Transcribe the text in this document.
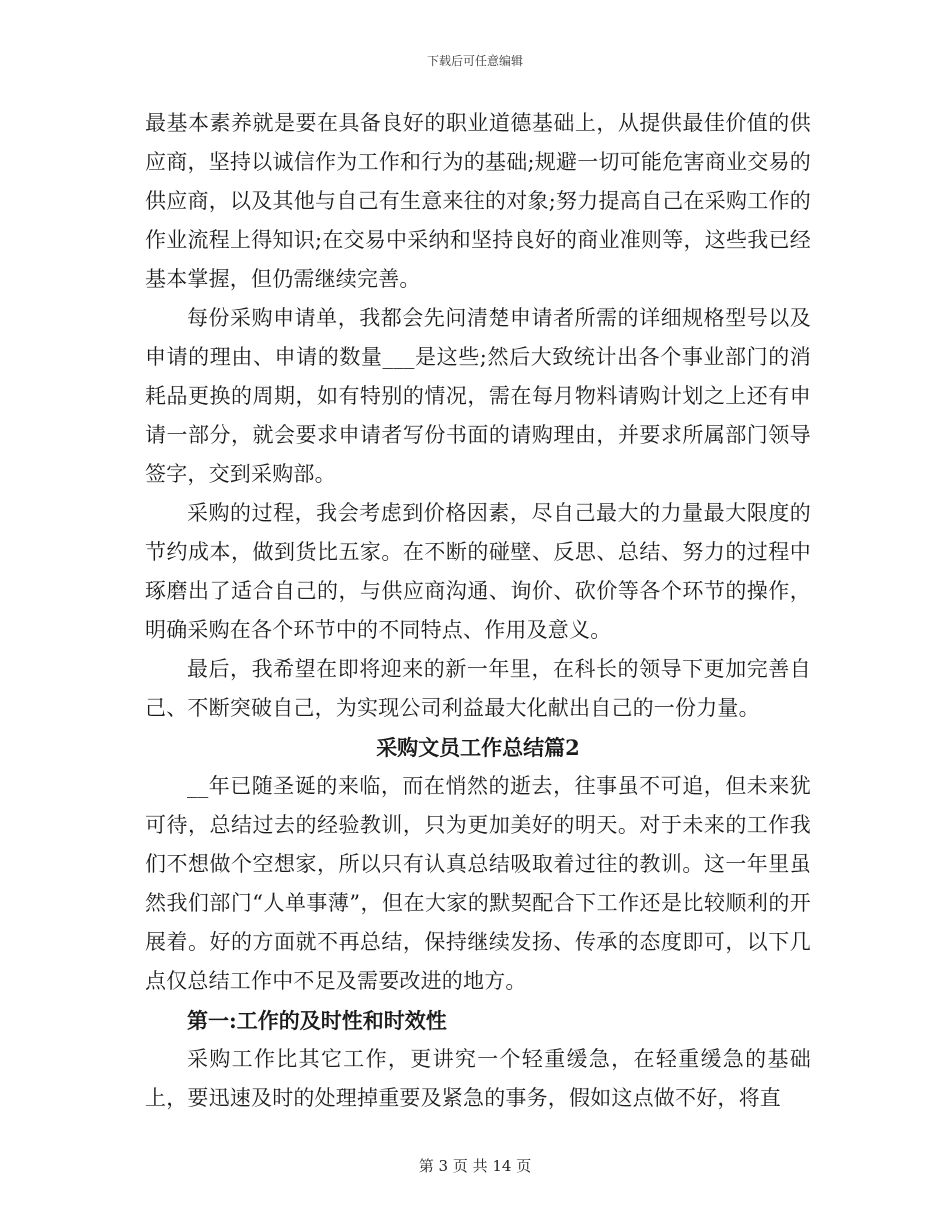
下载后可任意编辑

最基本素养就是要在具备良好的职业道德基础上，从提供最佳价值的供应商，坚持以诚信作为工作和行为的基础;规避一切可能危害商业交易的供应商，以及其他与自己有生意来往的对象;努力提高自己在采购工作的作业流程上得知识;在交易中采纳和坚持良好的商业准则等，这些我已经基本掌握，但仍需继续完善。

每份采购申请单，我都会先问清楚申请者所需的详细规格型号以及申请的理由、申请的数量___是这些;然后大致统计出各个事业部门的消耗品更换的周期，如有特别的情况，需在每月物料请购计划之上还有申请一部分，就会要求申请者写份书面的请购理由，并要求所属部门领导签字，交到采购部。

采购的过程，我会考虑到价格因素，尽自己最大的力量最大限度的节约成本，做到货比五家。在不断的碰壁、反思、总结、努力的过程中琢磨出了适合自己的，与供应商沟通、询价、砍价等各个环节的操作，明确采购在各个环节中的不同特点、作用及意义。

最后，我希望在即将迎来的新一年里，在科长的领导下更加完善自己、不断突破自己，为实现公司利益最大化献出自己的一份力量。

采购文员工作总结篇2

__年已随圣诞的来临，而在悄然的逝去，往事虽不可追，但未来犹可待，总结过去的经验教训，只为更加美好的明天。对于未来的工作我们不想做个空想家，所以只有认真总结吸取着过往的教训。这一年里虽然我们部门“人单事薄”，但在大家的默契配合下工作还是比较顺利的开展着。好的方面就不再总结，保持继续发扬、传承的态度即可，以下几点仅总结工作中不足及需要改进的地方。

第一:工作的及时性和时效性

采购工作比其它工作，更讲究一个轻重缓急，在轻重缓急的基础上，要迅速及时的处理掉重要及紧急的事务，假如这点做不好，将直

第 3 页 共 14 页
